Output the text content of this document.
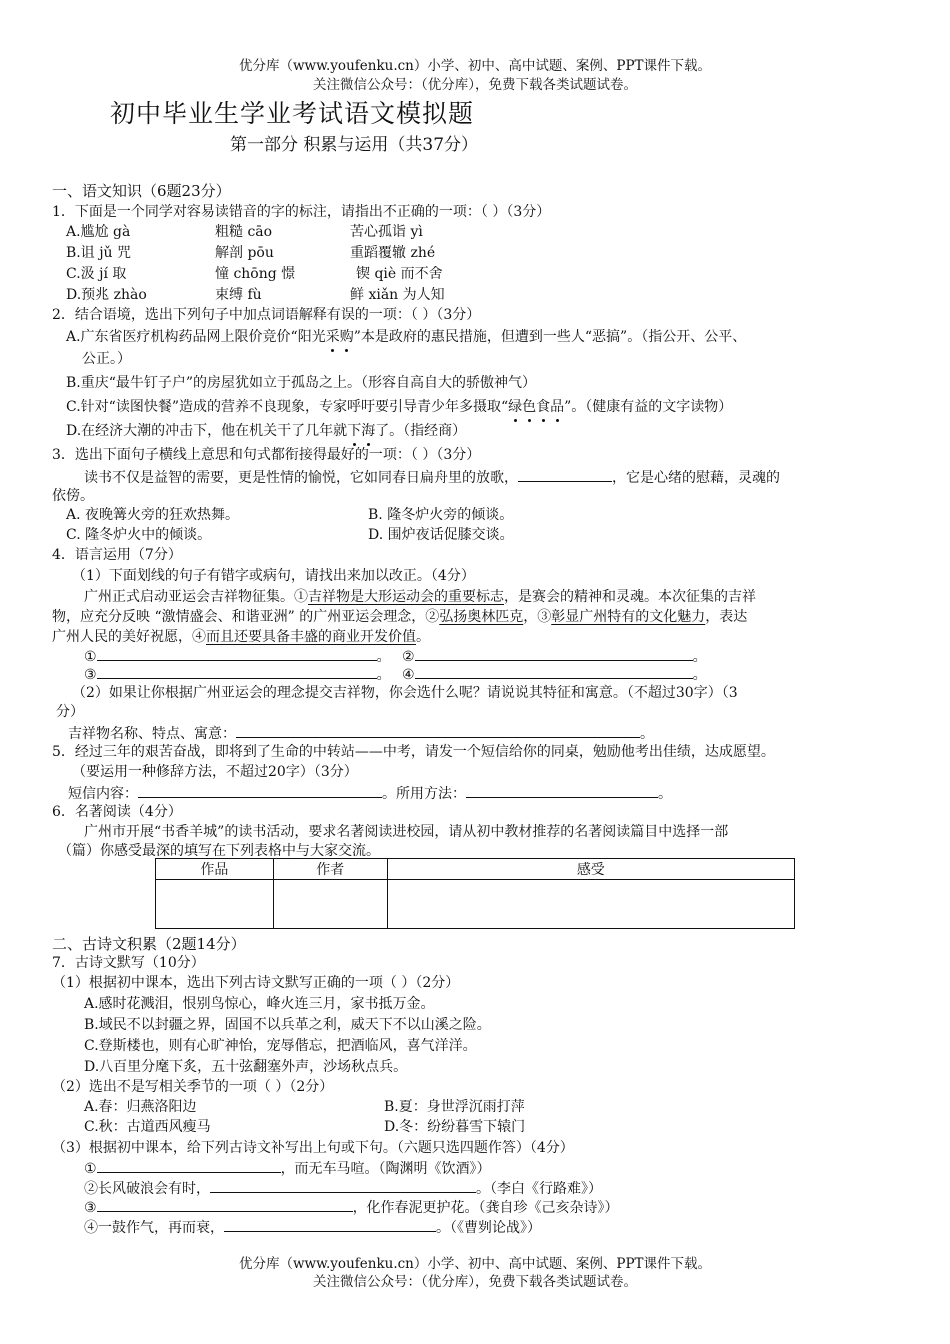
优分库（www.youfenku.cn）小学、初中、高中试题、案例、PPT课件下载。
关注微信公众号：（优分库），免费下载各类试题试卷。
初中毕业生学业考试语文模拟题
第一部分 积累与运用（共37分）
一、语文知识（6题23分）
1．下面是一个同学对容易读错音的字的标注，请指出不正确的一项：（ ）（3分）
A.尴尬 gà	粗糙 cāo	苦心孤诣 yì
B.诅 jǔ 咒	解剖 pōu	重蹈覆辙 zhé
C.汲 jí 取	憧 chōng 憬	锲 qiè 而不舍
D.预兆 zhào	束缚 fù	鲜 xiǎn 为人知
2．结合语境，选出下列句子中加点词语解释有误的一项：（ ）（3分）
A.广东省医疗机构药品网上限价竞价“阳光采
购
”本是政府的惠民措施，但遭到一些人“恶搞”。（指公开、公平、
公正。）
B.重庆“最牛钉子户”的房屋犹如立于孤岛之上。（形容自高自大的骄傲神气）
C.针对“读图快餐”造成的营养不良现象，专家呼吁要引导青少年多摄取“绿
色
食
品
”。（健康有益的文字读物）
D.在经济大潮的冲击下，他在机关干了几年就下
海
了。（指经商）
3．选出下面句子横线上意思和句式都衔接得最好的一项：（ ）（3分）
读书不仅是益智的需要，更是性情的愉悦，它如同春日扁舟里的放歌，	，它是心绪的慰藉，灵魂的
依傍。
A. 夜晚篝火旁的狂欢热舞。	B. 隆冬炉火旁的倾谈。
C. 隆冬炉火中的倾谈。	D. 围炉夜话促膝交谈。
4．语言运用（7分）
（1）下面划线的句子有错字或病句，请找出来加以改正。（4分）
广州正式启动亚运会吉祥物征集。①吉祥物是大形运动会的重要标志，是赛会的精神和灵魂。本次征集的吉祥
物，应充分反映 “激情盛会、和谐亚洲” 的广州亚运会理念，②弘扬奥林匹克，③彰显广州特有的文化魅力，表达
广州人民的美好祝愿，④而且还要具备丰盛的商业开发价值。
①	。 ②	。
③	。 ④	。
（2）如果让你根据广州亚运会的理念提交吉祥物，你会选什么呢？请说说其特征和寓意。（不超过30字）（3
分）
吉祥物名称、特点、寓意：	。
5．经过三年的艰苦奋战，即将到了生命的中转站——中考，请发一个短信给你的同桌，勉励他考出佳绩，达成愿望。
（要运用一种修辞方法，不超过20字）（3分）
短信内容：	。所用方法：	。
6．名著阅读（4分）
广州市开展“书香羊城”的读书活动，要求名著阅读进校园，请从初中教材推荐的名著阅读篇目中选择一部
（篇）你感受最深的填写在下列表格中与大家交流。
作品	作者	感受

二、古诗文积累（2题14分）
7．古诗文默写（10分）
（1）根据初中课本，选出下列古诗文默写正确的一项（ ）（2分）
A.感时花溅泪，恨别鸟惊心，峰火连三月，家书抵万金。
B.域民不以封疆之界，固国不以兵革之利，威天下不以山溪之险。
C.登斯楼也，则有心旷神怡，宠辱偕忘，把酒临风，喜气洋洋。
D.八百里分麾下炙，五十弦翻塞外声，沙场秋点兵。
（2）选出不是写相关季节的一项（ ）（2分）
A.春：归燕洛阳边	B.夏：身世浮沉雨打萍
C.秋：古道西风瘦马	D.冬：纷纷暮雪下辕门
（3）根据初中课本，给下列古诗文补写出上句或下句。（六题只选四题作答）（4分）
①	，而无车马喧。（陶渊明《饮酒》）
②长风破浪会有时，	。（李白《行路难》）
③	，化作春泥更护花。（龚自珍《己亥杂诗》）
④一鼓作气，再而衰，	。（《曹刿论战》）
优分库（www.youfenku.cn）小学、初中、高中试题、案例、PPT课件下载。
关注微信公众号：（优分库），免费下载各类试题试卷。
